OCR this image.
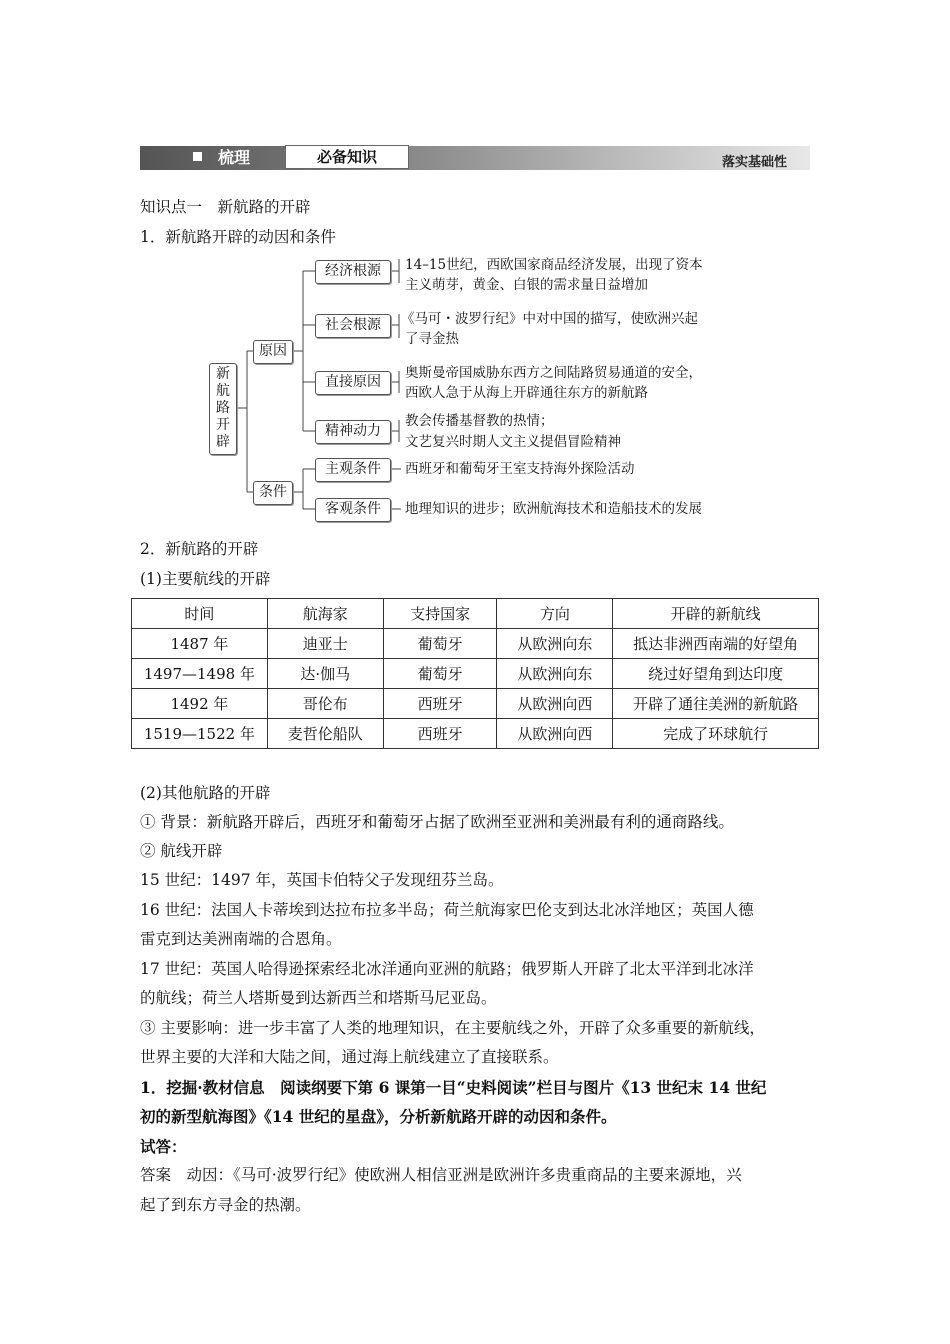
梳理	必备知识	落实基础性
知识点一　新航路的开辟
1．新航路开辟的动因和条件
新航路开辟
原因
条件
经济根源
社会根源
直接原因
精神动力
主观条件
客观条件
14–15世纪，西欧国家商品经济发展，出现了资本
主义萌芽，黄金、白银的需求量日益增加
《马可・波罗行纪》中对中国的描写，使欧洲兴起
了寻金热
奥斯曼帝国威胁东西方之间陆路贸易通道的安全，
西欧人急于从海上开辟通往东方的新航路
教会传播基督教的热情；
文艺复兴时期人文主义提倡冒险精神
西班牙和葡萄牙王室支持海外探险活动
地理知识的进步；欧洲航海技术和造船技术的发展
2．新航路的开辟
(1)主要航线的开辟
时间	航海家	支持国家	方向	开辟的新航线
1487 年	迪亚士	葡萄牙	从欧洲向东	抵达非洲西南端的好望角
1497—1498 年	达·伽马	葡萄牙	从欧洲向东	绕过好望角到达印度
1492 年	哥伦布	西班牙	从欧洲向西	开辟了通往美洲的新航路
1519—1522 年	麦哲伦船队	西班牙	从欧洲向西	完成了环球航行
(2)其他航路的开辟
① 背景：新航路开辟后，西班牙和葡萄牙占据了欧洲至亚洲和美洲最有利的通商路线。
② 航线开辟
15 世纪：1497 年，英国卡伯特父子发现纽芬兰岛。
16 世纪：法国人卡蒂埃到达拉布拉多半岛；荷兰航海家巴伦支到达北冰洋地区；英国人德
雷克到达美洲南端的合恩角。
17 世纪：英国人哈得逊探索经北冰洋通向亚洲的航路；俄罗斯人开辟了北太平洋到北冰洋
的航线；荷兰人塔斯曼到达新西兰和塔斯马尼亚岛。
③ 主要影响：进一步丰富了人类的地理知识，在主要航线之外，开辟了众多重要的新航线，
世界主要的大洋和大陆之间，通过海上航线建立了直接联系。
1．挖掘·教材信息　阅读纲要下第 6 课第一目“史料阅读”栏目与图片《13 世纪末 14 世纪
初的新型航海图》《14 世纪的星盘》，分析新航路开辟的动因和条件。
试答：
答案　动因：《马可·波罗行纪》使欧洲人相信亚洲是欧洲许多贵重商品的主要来源地，兴
起了到东方寻金的热潮。
